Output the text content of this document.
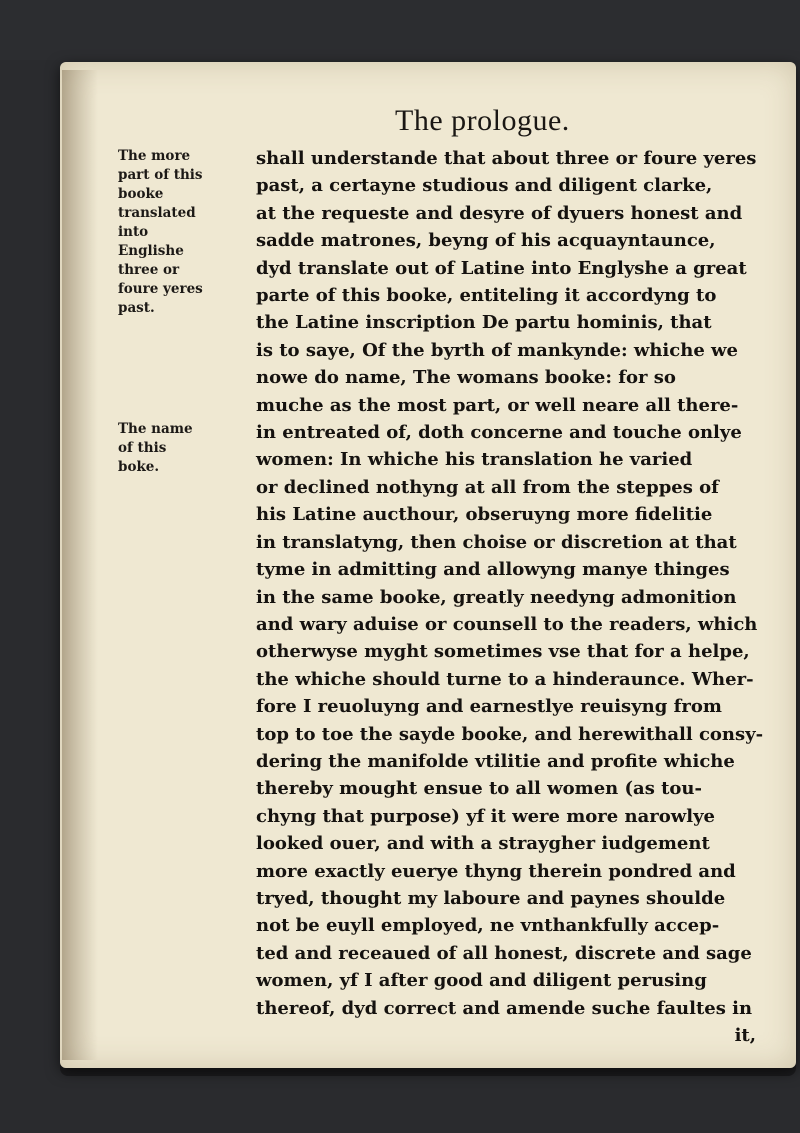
The prologue.
The more part of this booke translated into Englishe three or foure yeres past.
The name of this boke.
shall understande that about three or foure yeres
past, a certayne studious and diligent clarke,
at the requeste and desyre of dyuers honest and
sadde matrones, beyng of his acquayntaunce,
dyd translate out of Latine into Englyshe a great
parte of this booke, entiteling it accordyng to
the Latine inscription De partu hominis, that
is to saye, Of the byrth of mankynde: whiche we
nowe do name, The womans booke: for so
muche as the most part, or well neare all there-
in entreated of, doth concerne and touche onlye
women: In whiche his translation he varied
or declined nothyng at all from the steppes of
his Latine aucthour, obseruyng more fidelitie
in translatyng, then choise or discretion at that
tyme in admitting and allowyng manye thinges
in the same booke, greatly needyng admonition
and wary aduise or counsell to the readers, which
otherwyse myght sometimes vse that for a helpe,
the whiche should turne to a hinderaunce. Wher-
fore I reuoluyng and earnestlye reuisyng from
top to toe the sayde booke, and herewithall consy-
dering the manifolde vtilitie and profite whiche
thereby mought ensue to all women (as tou-
chyng that purpose) yf it were more narowlye
looked ouer, and with a straygher iudgement
more exactly euerye thyng therein pondred and
tryed, thought my laboure and paynes shoulde
not be euyll employed, ne vnthankfully accep-
ted and receaued of all honest, discrete and sage
women, yf I after good and diligent perusing
thereof, dyd correct and amende suche faultes in
it,
